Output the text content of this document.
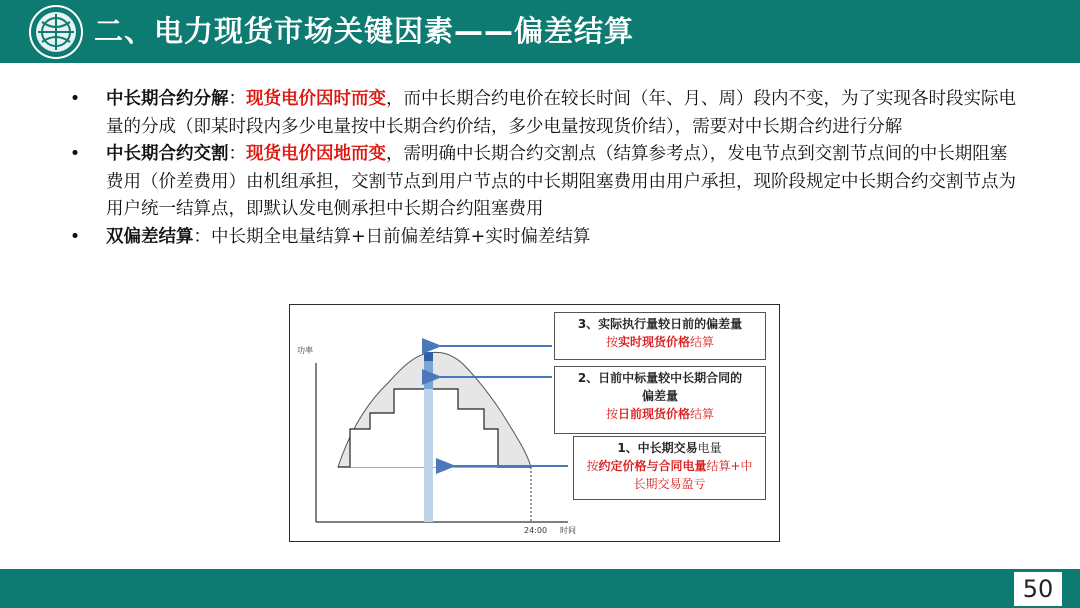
二、电力现货市场关键因素——偏差结算
• 中长期合约分解：现货电价因时而变，而中长期合约电价在较长时间（年、月、周）段内不变，为了实现各时段实际电量的分成（即某时段内多少电量按中长期合约价结，多少电量按现货价结），需要对中长期合约进行分解
• 中长期合约交割：现货电价因地而变，需明确中长期合约交割点（结算参考点），发电节点到交割节点间的中长期阻塞费用（价差费用）由机组承担，交割节点到用户节点的中长期阻塞费用由用户承担，现阶段规定中长期合约交割节点为用户统一结算点，即默认发电侧承担中长期合约阻塞费用
• 双偏差结算：中长期全电量结算+日前偏差结算+实时偏差结算
功率
24:00 时间
3、实际执行量较日前的偏差量
按实时现货价格结算
2、日前中标量较中长期合同的
偏差量
按日前现货价格结算
1、中长期交易电量
按约定价格与合同电量结算+中
长期交易盈亏
50
